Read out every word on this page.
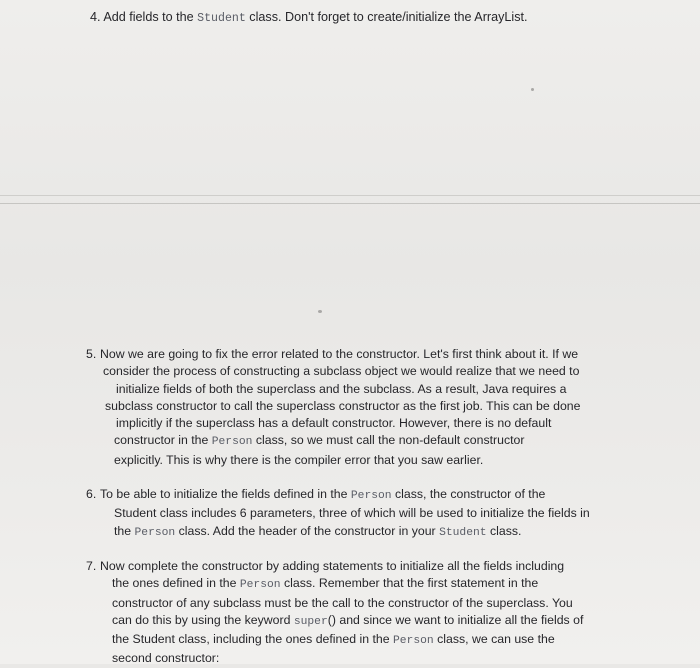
4. Add fields to the Student class. Don't forget to create/initialize the ArrayList.
5. Now we are going to fix the error related to the constructor. Let's first think about it. If we
consider the process of constructing a subclass object we would realize that we need to
initialize fields of both the superclass and the subclass. As a result, Java requires a
subclass constructor to call the superclass constructor as the first job. This can be done
implicitly if the superclass has a default constructor. However, there is no default
constructor in the Person class, so we must call the non-default constructor
explicitly. This is why there is the compiler error that you saw earlier.
6. To be able to initialize the fields defined in the Person class, the constructor of the
Student class includes 6 parameters, three of which will be used to initialize the fields in
the Person class. Add the header of the constructor in your Student class.
7. Now complete the constructor by adding statements to initialize all the fields including
the ones defined in the Person class. Remember that the first statement in the
constructor of any subclass must be the call to the constructor of the superclass. You
can do this by using the keyword super() and since we want to initialize all the fields of
the Student class, including the ones defined in the Person class, we can use the
second constructor:
